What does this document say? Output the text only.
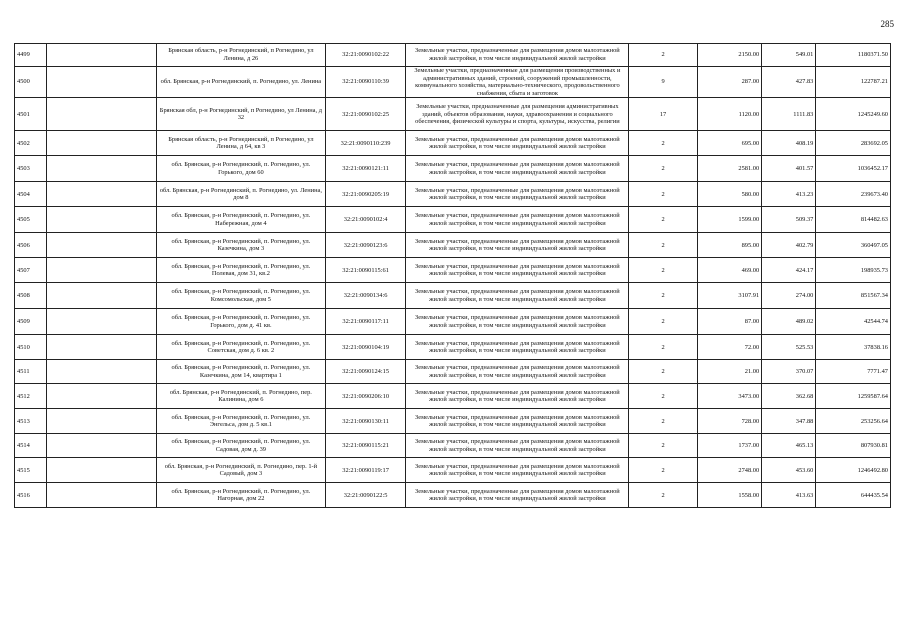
285
4499		Брянская область, р-н Рогнединский, п Рогнедино, ул Ленина, д 26	32:21:0090102:22	Земельные участки, предназначенные для размещения домов малоэтажной жилой застройки, в том числе индивидуальной жилой застройки	2	2150.00	549.01	1180371.50
4500		обл. Брянская, р-н Рогнединский, п. Рогнедино, ул. Ленина	32:21:0090110:39	Земельные участки, предназначенные для размещения производственных и административных зданий, строений, сооружений промышленности, коммунального хозяйства, материально-технического, продовольственного снабжения, сбыта и заготовок	9	287.00	427.83	122787.21
4501		Брянская обл, р-н Рогнединский, п Рогнедино, ул Ленина, д 32	32:21:0090102:25	Земельные участки, предназначенные для размещения административных зданий, объектов образования, науки, здравоохранения и социального обеспечения, физической культуры и спорта, культуры, искусства, религии	17	1120.00	1111.83	1245249.60
4502		Брянская область, р-н Рогнединский, п Рогнедино, ул Ленина, д 64, кв 3	32:21:0090110:239	Земельные участки, предназначенные для размещения домов малоэтажной жилой застройки, в том числе индивидуальной жилой застройки	2	695.00	408.19	283692.05
4503		обл. Брянская, р-н Рогнединский, п. Рогнедино, ул. Горького, дом 60	32:21:0090121:11	Земельные участки, предназначенные для размещения домов малоэтажной жилой застройки, в том числе индивидуальной жилой застройки	2	2581.00	401.57	1036452.17
4504		обл. Брянская, р-н Рогнединский, п. Рогнедино, ул. Ленина, дом 8	32:21:0090205:19	Земельные участки, предназначенные для размещения домов малоэтажной жилой застройки, в том числе индивидуальной жилой застройки	2	580.00	413.23	239673.40
4505		обл. Брянская, р-н Рогнединский, п. Рогнедино, ул. Набережная, дом 4	32:21:0090102:4	Земельные участки, предназначенные для размещения домов малоэтажной жилой застройки, в том числе индивидуальной жилой застройки	2	1599.00	509.37	814482.63
4506		обл. Брянская, р-н Рогнединский, п. Рогнедино, ул. Казечкина, дом 3	32:21:0090123:6	Земельные участки, предназначенные для размещения домов малоэтажной жилой застройки, в том числе индивидуальной жилой застройки	2	895.00	402.79	360497.05
4507		обл. Брянская, р-н Рогнединский, п. Рогнедино, ул. Полевая, дом 31, кв.2	32:21:0090115:61	Земельные участки, предназначенные для размещения домов малоэтажной жилой застройки, в том числе индивидуальной жилой застройки	2	469.00	424.17	198935.73
4508		обл. Брянская, р-н Рогнединский, п. Рогнедино, ул. Комсомольская, дом 5	32:21:0090134:6	Земельные участки, предназначенные для размещения домов малоэтажной жилой застройки, в том числе индивидуальной жилой застройки	2	3107.91	274.00	851567.34
4509		обл. Брянская, р-н Рогнединский, п. Рогнедино, ул. Горького, дом д. 41 кв.	32:21:0090117:11	Земельные участки, предназначенные для размещения домов малоэтажной жилой застройки, в том числе индивидуальной жилой застройки	2	87.00	489.02	42544.74
4510		обл. Брянская, р-н Рогнединский, п. Рогнедино, ул. Советская, дом д. 6 кв. 2	32:21:0090104:19	Земельные участки, предназначенные для размещения домов малоэтажной жилой застройки, в том числе индивидуальной жилой застройки	2	72.00	525.53	37838.16
4511		обл. Брянская, р-н Рогнединский, п. Рогнедино, ул. Казечкина, дом 14, квартира 1	32:21:0090124:15	Земельные участки, предназначенные для размещения домов малоэтажной жилой застройки, в том числе индивидуальной жилой застройки	2	21.00	370.07	7771.47
4512		обл. Брянская, р-н Рогнединский, п. Рогнедино, пер. Калинина, дом 6	32:21:0090206:10	Земельные участки, предназначенные для размещения домов малоэтажной жилой застройки, в том числе индивидуальной жилой застройки	2	3473.00	362.68	1259587.64
4513		обл. Брянская, р-н Рогнединский, п. Рогнедино, ул. Энгельса, дом д. 5 кв.1	32:21:0090130:11	Земельные участки, предназначенные для размещения домов малоэтажной жилой застройки, в том числе индивидуальной жилой застройки	2	728.00	347.88	253256.64
4514		обл. Брянская, р-н Рогнединский, п. Рогнедино, ул. Садовая, дом д. 39	32:21:0090115:21	Земельные участки, предназначенные для размещения домов малоэтажной жилой застройки, в том числе индивидуальной жилой застройки	2	1737.00	465.13	807930.81
4515		обл. Брянская, р-н Рогнединский, п. Рогнедино, пер. 1-й Садовый, дом 3	32:21:0090119:17	Земельные участки, предназначенные для размещения домов малоэтажной жилой застройки, в том числе индивидуальной жилой застройки	2	2748.00	453.60	1246492.80
4516		обл. Брянская, р-н Рогнединский, п. Рогнедино, ул. Нагорная, дом 22	32:21:0090122:5	Земельные участки, предназначенные для размещения домов малоэтажной жилой застройки, в том числе индивидуальной жилой застройки	2	1558.00	413.63	644435.54
